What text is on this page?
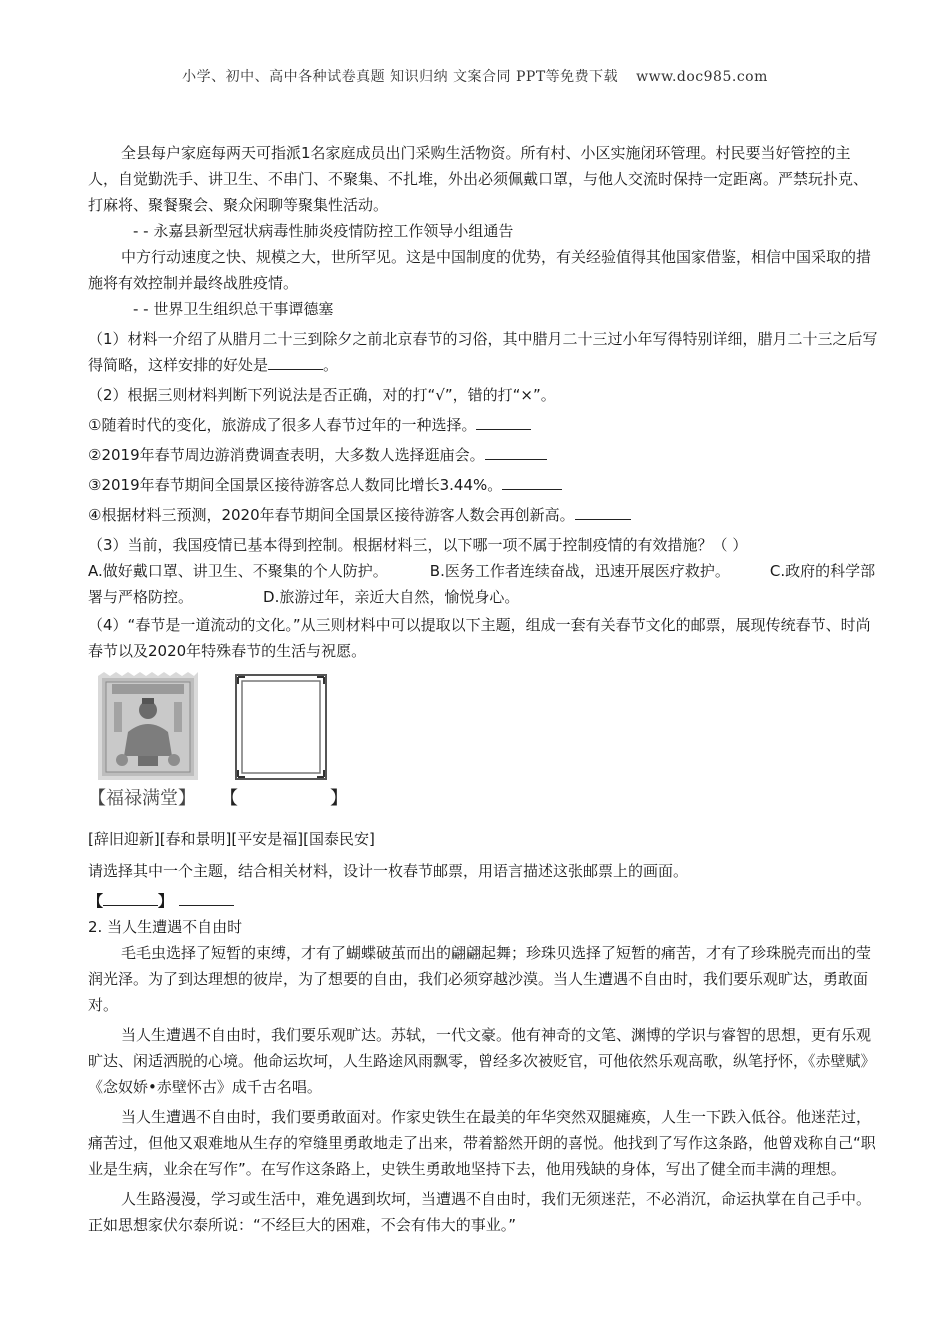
小学、初中、高中各种试卷真题 知识归纳 文案合同 PPT等免费下载 www.doc985.com

全县每户家庭每两天可指派1名家庭成员出门采购生活物资。所有村、小区实施闭环管理。村民要当好管控的主人，自觉勤洗手、讲卫生、不串门、不聚集、不扎堆，外出必须佩戴口罩，与他人交流时保持一定距离。严禁玩扑克、打麻将、聚餐聚会、聚众闲聊等聚集性活动。

- - 永嘉县新型冠状病毒性肺炎疫情防控工作领导小组通告

中方行动速度之快、规模之大，世所罕见。这是中国制度的优势，有关经验值得其他国家借鉴，相信中国采取的措施将有效控制并最终战胜疫情。

- - 世界卫生组织总干事谭德塞

（1）材料一介绍了从腊月二十三到除夕之前北京春节的习俗，其中腊月二十三过小年写得特别详细，腊月二十三之后写得简略，这样安排的好处是	。

（2）根据三则材料判断下列说法是否正确，对的打“√”，错的打“×”。

①随着时代的变化，旅游成了很多人春节过年的一种选择。
②2019年春节周边游消费调查表明，大多数人选择逛庙会。
③2019年春节期间全国景区接待游客总人数同比增长3.44%。
④根据材料三预测，2020年春节期间全国景区接待游客人数会再创新高。

（3）当前，我国疫情已基本得到控制。根据材料三，以下哪一项不属于控制疫情的有效措施？（ ）

A.做好戴口罩、讲卫生、不聚集的个人防护。	B.医务工作者连续奋战，迅速开展医疗救护。	C.政府的科学部署与严格防控。	D.旅游过年，亲近大自然，愉悦身心。

（4）“春节是一道流动的文化。”从三则材料中可以提取以下主题，组成一套有关春节文化的邮票，展现传统春节、时尚春节以及2020年特殊春节的生活与祝愿。

【福禄满堂】 【	】
[辞旧迎新][春和景明][平安是福][国泰民安]
请选择其中一个主题，结合相关材料，设计一枚春节邮票，用语言描述这张邮票上的画面。
【	】
2. 当人生遭遇不自由时

毛毛虫选择了短暂的束缚，才有了蝴蝶破茧而出的翩翩起舞；珍珠贝选择了短暂的痛苦，才有了珍珠脱壳而出的莹润光泽。为了到达理想的彼岸，为了想要的自由，我们必须穿越沙漠。当人生遭遇不自由时，我们要乐观旷达，勇敢面对。

当人生遭遇不自由时，我们要乐观旷达。苏轼，一代文豪。他有神奇的文笔、渊博的学识与睿智的思想，更有乐观旷达、闲适洒脱的心境。他命运坎坷，人生路途风雨飘零，曾经多次被贬官，可他依然乐观高歌，纵笔抒怀，《赤壁赋》《念奴娇•赤壁怀古》成千古名唱。

当人生遭遇不自由时，我们要勇敢面对。作家史铁生在最美的年华突然双腿瘫痪，人生一下跌入低谷。他迷茫过，痛苦过，但他又艰难地从生存的窄缝里勇敢地走了出来，带着豁然开朗的喜悦。他找到了写作这条路，他曾戏称自己“职业是生病，业余在写作”。在写作这条路上，史铁生勇敢地坚持下去，他用残缺的身体，写出了健全而丰满的理想。

人生路漫漫，学习或生活中，难免遇到坎坷，当遭遇不自由时，我们无须迷茫，不必消沉，命运执掌在自己手中。正如思想家伏尔泰所说：“不经巨大的困难，不会有伟大的事业。”
